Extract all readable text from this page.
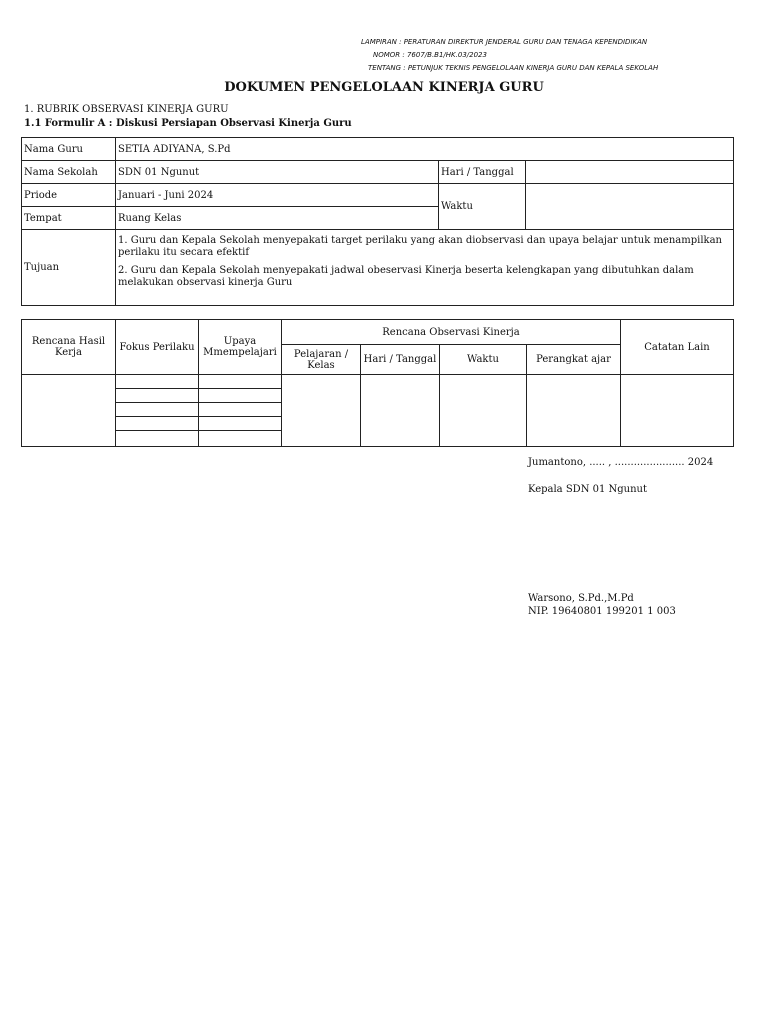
LAMPIRAN : PERATURAN DIREKTUR JENDERAL GURU DAN TENAGA KEPENDIDIKAN
NOMOR : 7607/B.B1/HK.03/2023
TENTANG : PETUNJUK TEKNIS PENGELOLAAN KINERJA GURU DAN KEPALA SEKOLAH
DOKUMEN PENGELOLAAN KINERJA GURU
1. RUBRIK OBSERVASI KINERJA GURU
1.1 Formulir A : Diskusi Persiapan Observasi Kinerja Guru
Nama Guru	SETIA ADIYANA, S.Pd		
Nama Sekolah	SDN 01 Ngunut	Hari / Tanggal	
Priode	Januari - Juni 2024	Waktu	
Tempat	Ruang Kelas		
Tujuan	1. Guru dan Kepala Sekolah menyepakati target perilaku yang akan diobservasi dan upaya belajar untuk menampilkan perilaku itu secara efektif

2. Guru dan Kepala Sekolah menyepakati jadwal obeservasi Kinerja beserta kelengkapan yang dibutuhkan dalam melakukan observasi kinerja Guru		

Rencana Hasil Kerja	Fokus Perilaku	Upaya Mmempelajari	Rencana Observasi Kinerja				Catatan Lain
			Pelajaran / Kelas	Hari / Tanggal	Waktu	Perangkat ajar	

Jumantono, ..... , ...................... 2024
Kepala SDN 01 Ngunut
Warsono, S.Pd.,M.Pd
NIP. 19640801 199201 1 003
